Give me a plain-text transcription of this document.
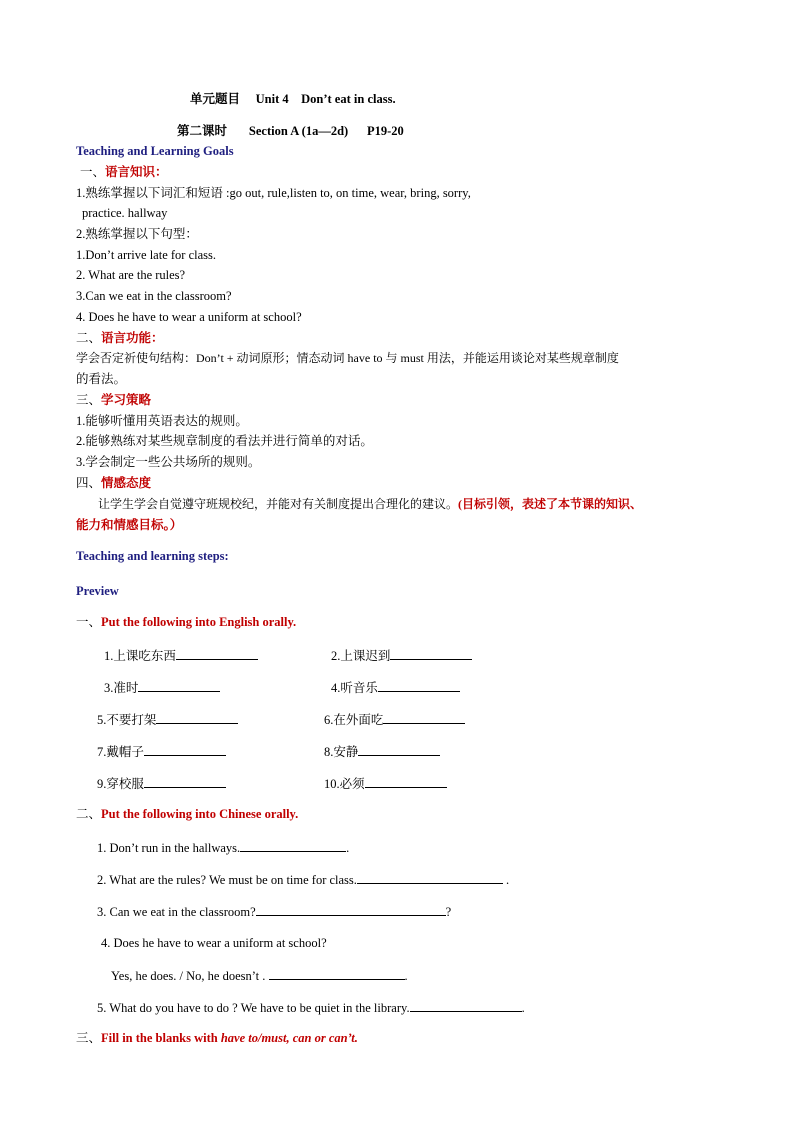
单元题目 Unit 4    Don’t eat in class.
第二课时 Section A (1a—2d) P19-20
Teaching and Learning Goals
一、语言知识：
1.熟练掌握以下词汇和短语 :go out, rule,listen to, on time, wear, bring, sorry,
practice. hallway
2.熟练掌握以下句型：
1.Don’t arrive late for class.
2. What are the rules?
3.Can we eat in the classroom?
4. Does he have to wear a uniform at school?
二、语言功能：
学会否定祈使句结构：Don’t + 动词原形；情态动词 have to 与 must 用法，并能运用谈论对某些规章制度
的看法。
三、学习策略
1.能够听懂用英语表达的规则。
2.能够熟练对某些规章制度的看法并进行简单的对话。
3.学会制定一些公共场所的规则。
四、情感态度
让学生学会自觉遵守班规校纪，并能对有关制度提出合理化的建议。(目标引领，表述了本节课的知识、
能力和情感目标。）
Teaching and learning steps:
Preview
一、Put the following into English orally.
1.上课吃东西	2.上课迟到
3.准时	4.听音乐
5.不要打架	6.在外面吃
7.戴帽子	8.安静
9.穿校服	10.必须
二、Put the following into Chinese orally.
1. Don’t run in the hallways.	.
2. What are the rules? We must be on time for class.	.
3. Can we eat in the classroom?	?
4. Does he have to wear a uniform at school?
Yes, he does. / No, he doesn’t .	.
5. What do you have to do ? We have to be quiet in the library.	.
三、Fill in the blanks with have to/must, can or can’t.
